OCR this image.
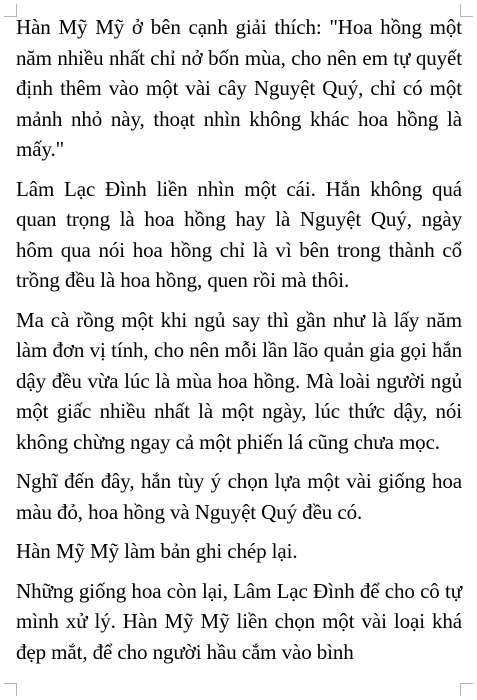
Hàn Mỹ Mỹ ở bên cạnh giải thích: "Hoa hồng một năm nhiều nhất chỉ nở bốn mùa, cho nên em tự quyết định thêm vào một vài cây Nguyệt Quý, chỉ có một mảnh nhỏ này, thoạt nhìn không khác hoa hồng là mấy."

Lâm Lạc Đình liền nhìn một cái. Hắn không quá quan trọng là hoa hồng hay là Nguyệt Quý, ngày hôm qua nói hoa hồng chỉ là vì bên trong thành cổ trồng đều là hoa hồng, quen rồi mà thôi.

Ma cà rồng một khi ngủ say thì gần như là lấy năm làm đơn vị tính, cho nên mỗi lần lão quản gia gọi hắn dậy đều vừa lúc là mùa hoa hồng. Mà loài người ngủ một giấc nhiều nhất là một ngày, lúc thức dậy, nói không chừng ngay cả một phiến lá cũng chưa mọc.

Nghĩ đến đây, hắn tùy ý chọn lựa một vài giống hoa màu đỏ, hoa hồng và Nguyệt Quý đều có.

Hàn Mỹ Mỹ làm bản ghi chép lại.

Những giống hoa còn lại, Lâm Lạc Đình để cho cô tự mình xử lý. Hàn Mỹ Mỹ liền chọn một vài loại khá đẹp mắt, để cho người hầu cắm vào bình
